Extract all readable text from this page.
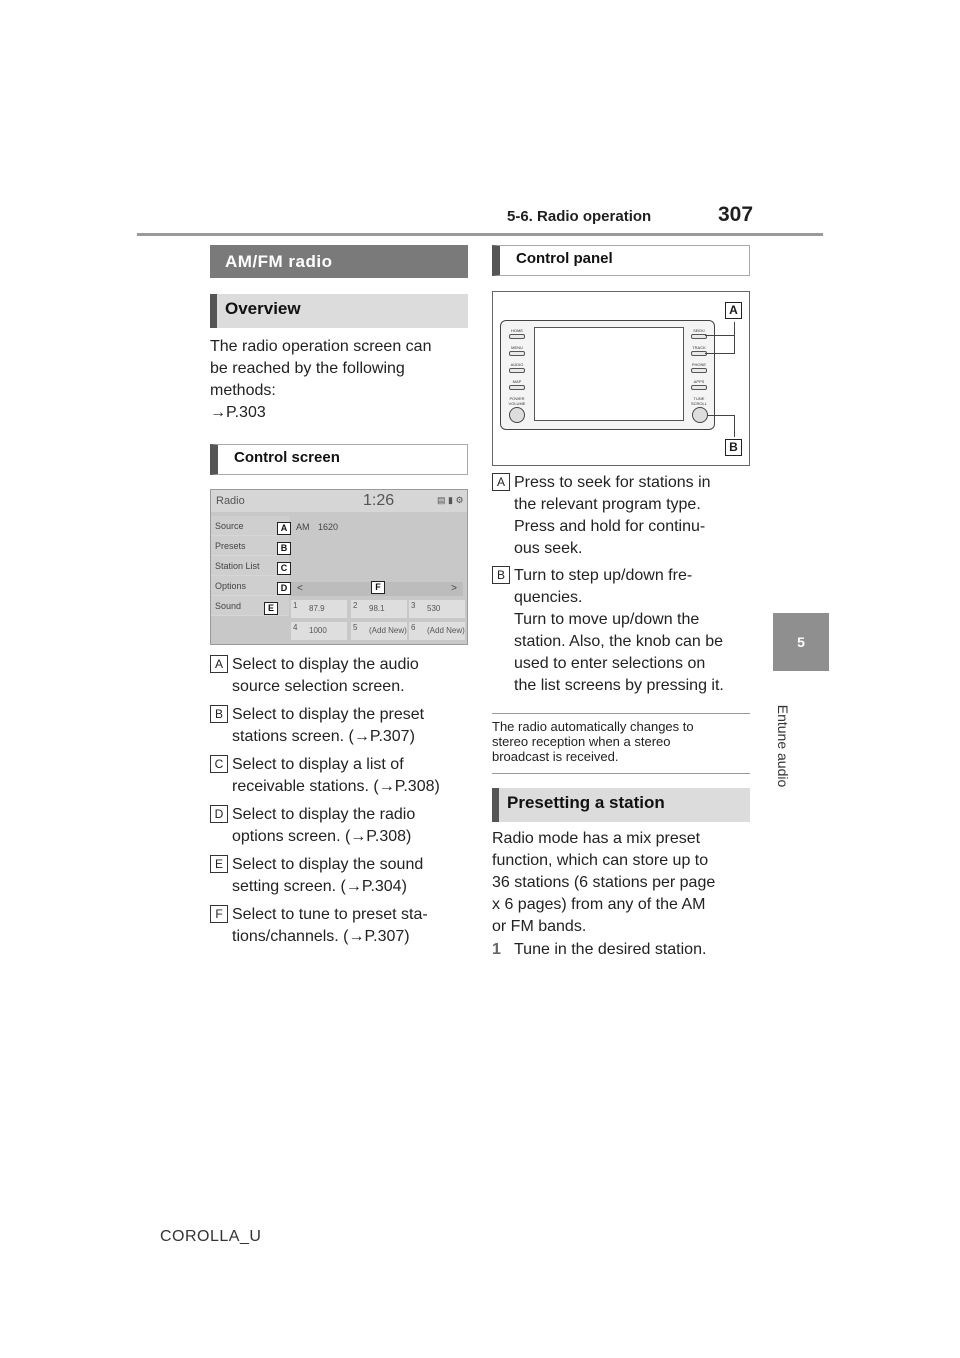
5-6. Radio operation	307
5
Entune audio
AM/FM radio
Overview
The radio operation screen can
be reached by the following
methods:
→P.303
Control screen
Radio	1:26	▤ ▮ ⚙
Source
Presets
Station List
Options
Sound
AM 1620
<	>
1 87.9	2 98.1	3 530
4 1000	5 (Add New) 6 (Add New)
A
B
C
D
E
F
A Select to display the audio
source selection screen.
B Select to display the preset
stations screen. (→P.307)
C Select to display a list of
receivable stations. (→P.308)
D Select to display the radio
options screen. (→P.308)
E Select to display the sound
setting screen. (→P.304)
F Select to tune to preset sta-
tions/channels. (→P.307)
Control panel
HOME
MENU
AUDIO
MAP
POWER VOLUME
SEEK/
TRACK
PHONE
APPS
TUNE SCROLL
A
B
A Press to seek for stations in
the relevant program type.
Press and hold for continu-
ous seek.
B Turn to step up/down fre-
quencies.
Turn to move up/down the
station. Also, the knob can be
used to enter selections on
the list screens by pressing it.
The radio automatically changes to
stereo reception when a stereo
broadcast is received.
Presetting a station
Radio mode has a mix preset
function, which can store up to
36 stations (6 stations per page
x 6 pages) from any of the AM
or FM bands.
1 Tune in the desired station.
COROLLA_U
